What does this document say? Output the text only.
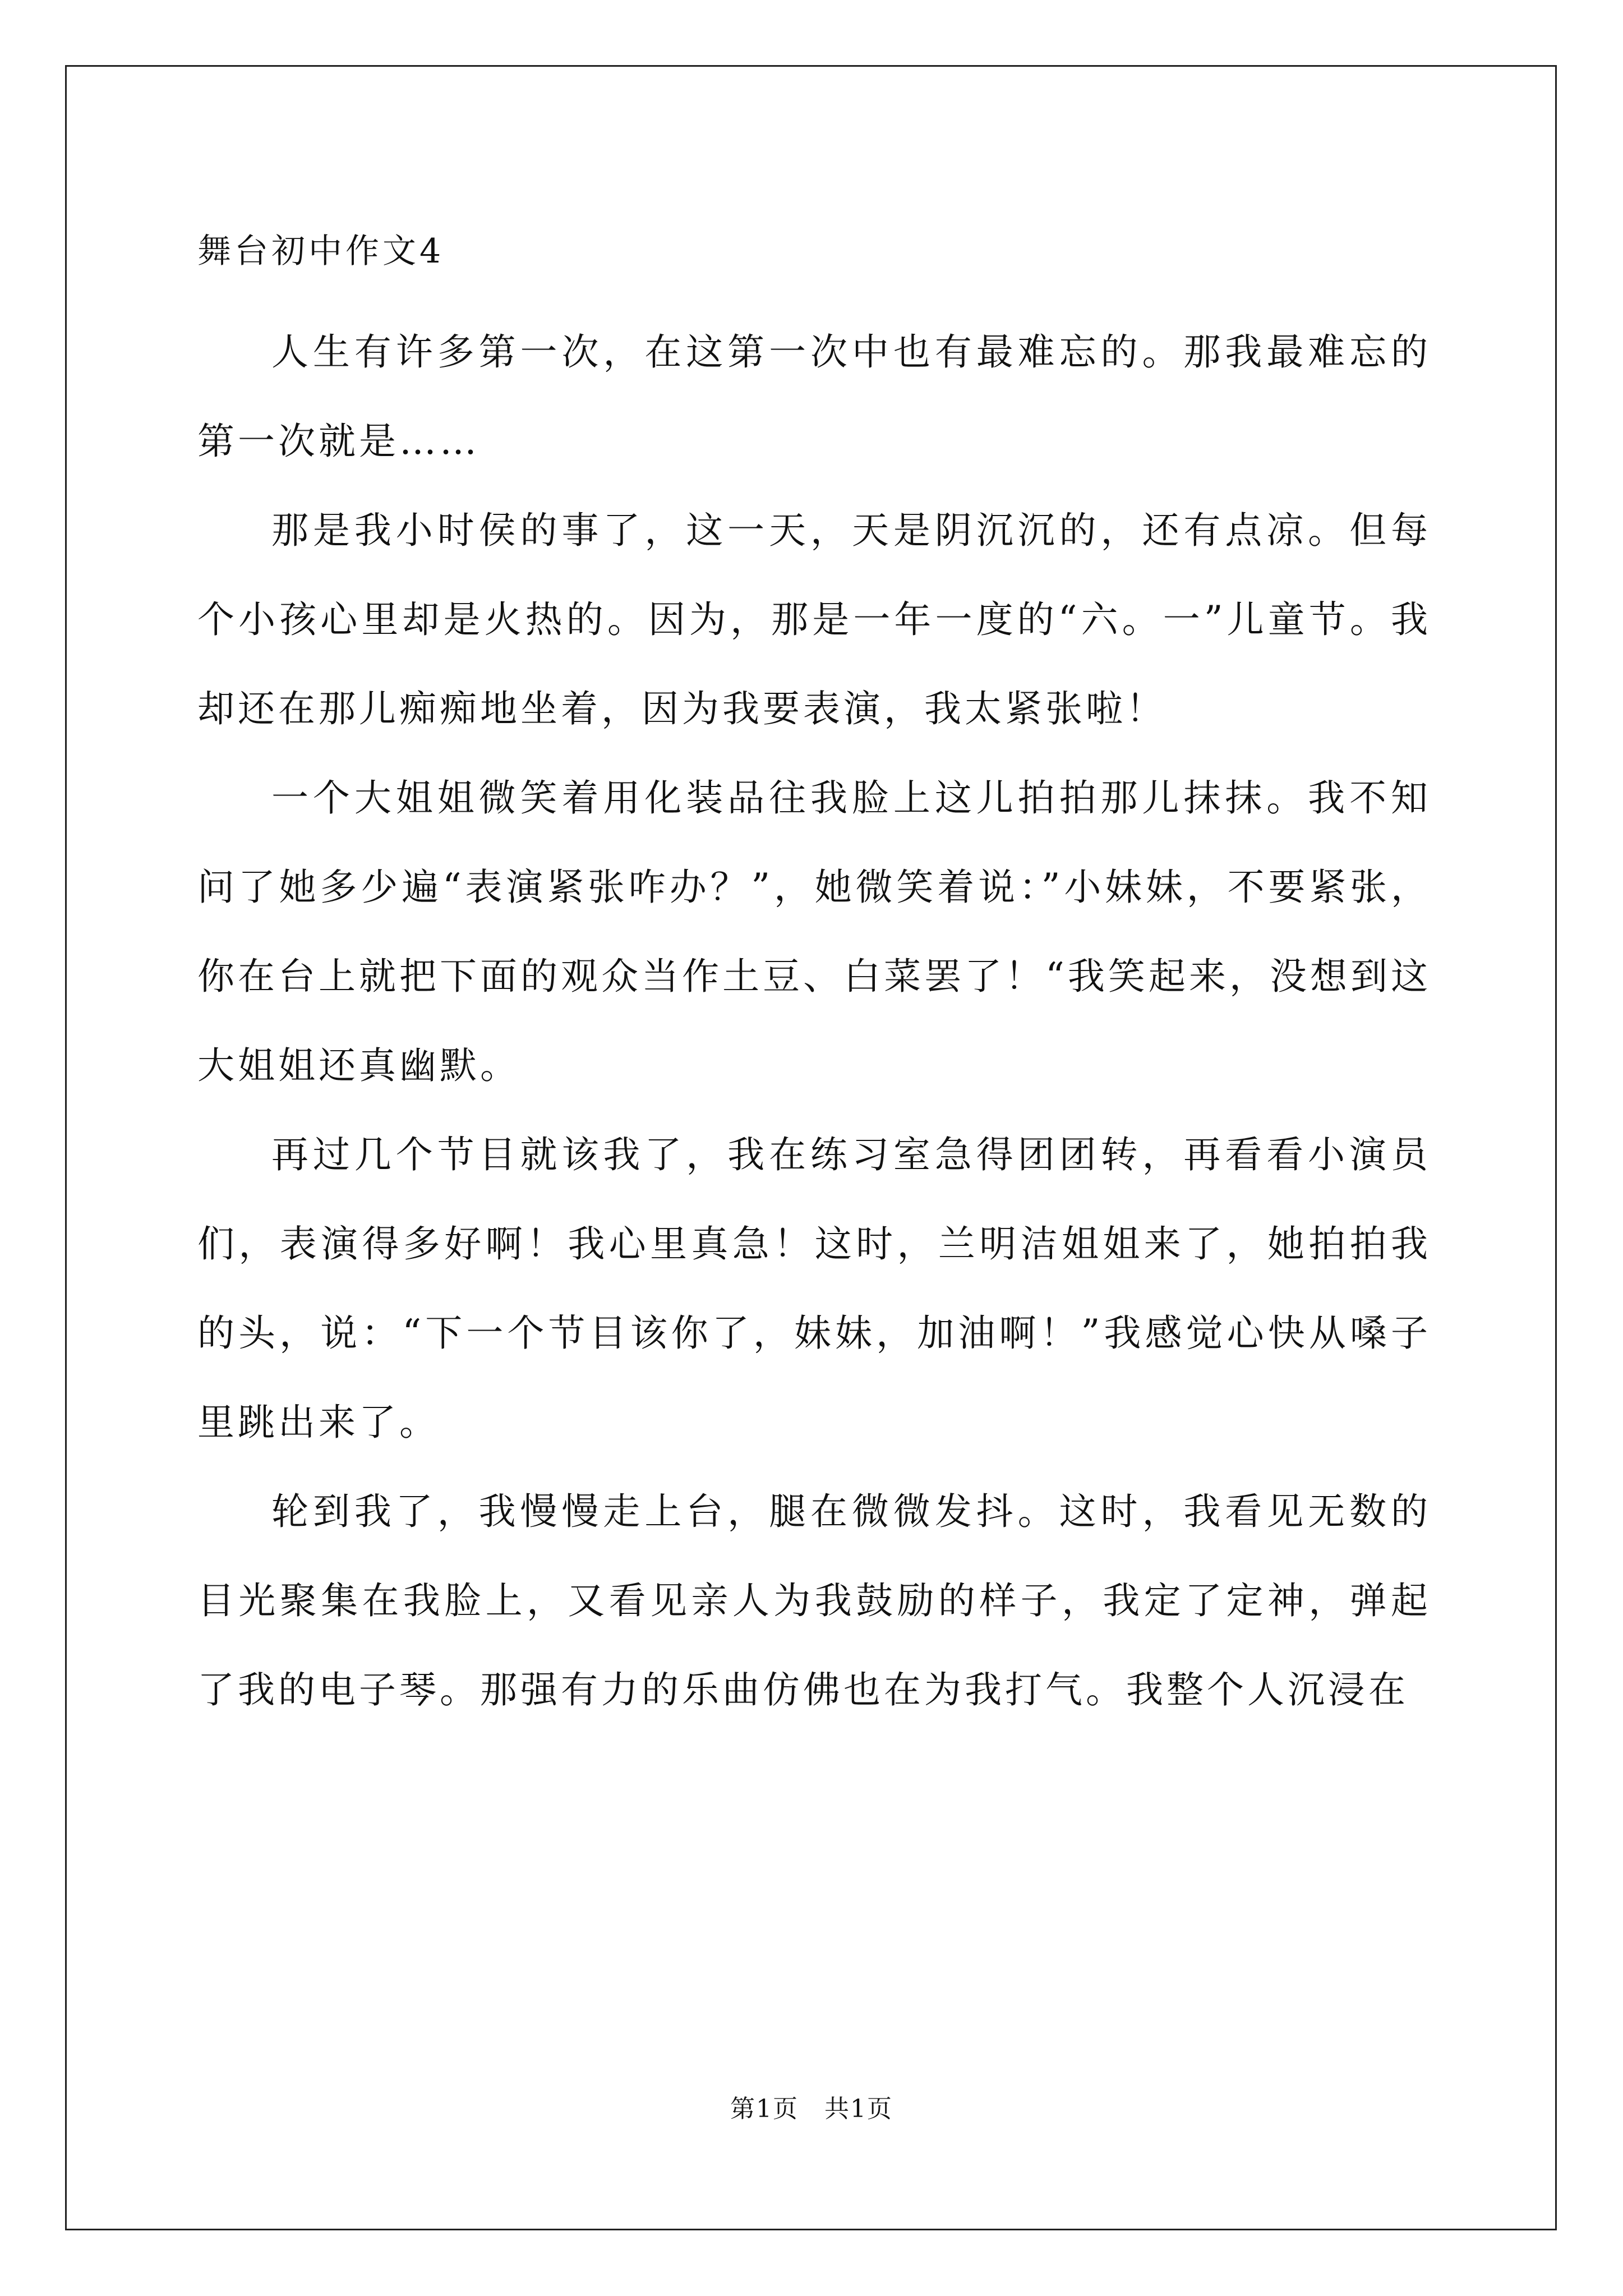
舞台初中作文4

人生有许多第一次，在这第一次中也有最难忘的。那我最难忘的第一次就是……

那是我小时侯的事了，这一天，天是阴沉沉的，还有点凉。但每个小孩心里却是火热的。因为，那是一年一度的“六。一”儿童节。我却还在那儿痴痴地坐着，因为我要表演，我太紧张啦！

一个大姐姐微笑着用化装品往我脸上这儿拍拍那儿抹抹。我不知问了她多少遍“表演紧张咋办？”，她微笑着说：”小妹妹，不要紧张，你在台上就把下面的观众当作土豆、白菜罢了！“我笑起来，没想到这大姐姐还真幽默。

再过几个节目就该我了，我在练习室急得团团转，再看看小演员们，表演得多好啊！我心里真急！这时，兰明洁姐姐来了，她拍拍我的头，说：“下一个节目该你了，妹妹，加油啊！”我感觉心快从嗓子里跳出来了。

轮到我了，我慢慢走上台，腿在微微发抖。这时，我看见无数的目光聚集在我脸上，又看见亲人为我鼓励的样子，我定了定神，弹起了我的电子琴。那强有力的乐曲仿佛也在为我打气。我整个人沉浸在

第1页　共1页
